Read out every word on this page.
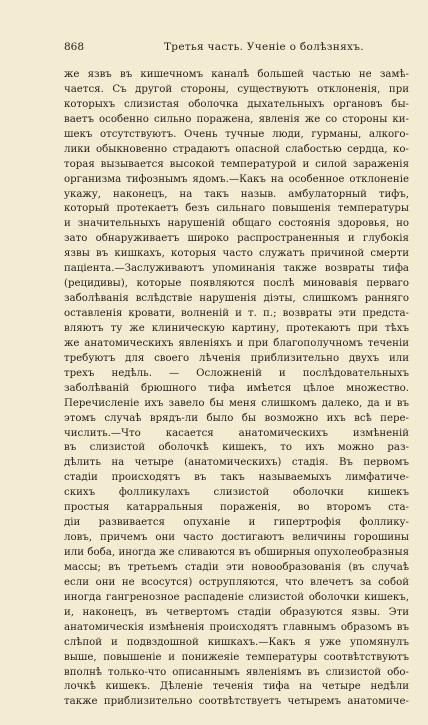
868	Третья часть. Ученiе о болѣзняхъ.
же язвъ въ кишечномъ каналѣ большей частью не замѣ-
чается. Съ другой стороны, существуютъ отклоненія, при
которыхъ слизистая оболочка дыхательныхъ органовъ бы-
ваетъ особенно сильно поражена, явленія же со стороны ки-
шекъ отсутствуютъ. Очень тучные люди, гурманы, алкого-
лики обыкновенно страдаютъ опасной слабостью сердца, ко-
торая вызывается высокой температурой и силой зараженія
организма тифознымъ ядомъ.—Какъ на особенное отклоненіе
укажу, наконецъ, на такъ назыв. амбулаторный тифъ,
который протекаетъ безъ сильнаго повышенія температуры
и значительныхъ нарушеній общаго состоянія здоровья, но
зато обнаруживаетъ широко распространенныя и глубокія
язвы въ кишкахъ, которыя часто служатъ причиной смерти
паціента.—Заслуживаютъ упоминанія также возвраты тифа
(рецидивы), которые появляются послѣ миновавія перваго
заболѣванія вслѣдствіе нарушенія діэты, слишкомъ ранняго
оставленія кровати, волненій и т. п.; возвраты эти предста-
вляютъ ту же клиническую картину, протекаютъ при тѣхъ
же анатомическихъ явленіяхъ и при благополучномъ теченіи
требуютъ для своего лѣченія приблизительно двухъ или
трехъ недѣль. — Осложненій и послѣдовательныхъ
заболѣваній брюшного тифа имѣется цѣлое множество.
Перечисленіе ихъ завело бы меня слишкомъ далеко, да и въ
этомъ случаѣ врядъ-ли было бы возможно ихъ всѣ пере-
числить.—Что касается анатомическихъ измѣненій
въ слизистой оболочкѣ кишекъ, то ихъ можно раз-
дѣлить на четыре (анатомическихъ) стадія. Въ первомъ
стадіи происходятъ въ такъ называемыхъ лимфатиче-
скихъ фолликулахъ слизистой оболочки кишекъ
простыя катарральныя пораженія, во второмъ ста-
діи развивается опуханіе и гипертрофія фоллику-
ловъ, причемъ они часто достигаютъ величины горошины
или боба, иногда же сливаются въ обширныя опухолеобразныя
массы; въ третьемъ стадіи эти новообразованія (въ случаѣ
если они не всосутся) острупляются, что влечетъ за собой
иногда гангренозное распаденіе слизистой оболочки кишекъ,
и, наконецъ, въ четвертомъ стадіи образуются язвы. Эти
анатомическія измѣненія происходятъ главнымъ образомъ въ
слѣпой и подвздошной кишкахъ.—Какъ я уже упомянулъ
выше, повышеніе и понижеяіе температуры соотвѣтствуютъ
вполнѣ только-что описаннымъ явленіямъ въ слизистой обо-
лочкѣ кишекъ. Дѣленіе теченія тифа на четыре недѣли
также приблизительно соотвѣтствуетъ четыремъ анатомиче-
